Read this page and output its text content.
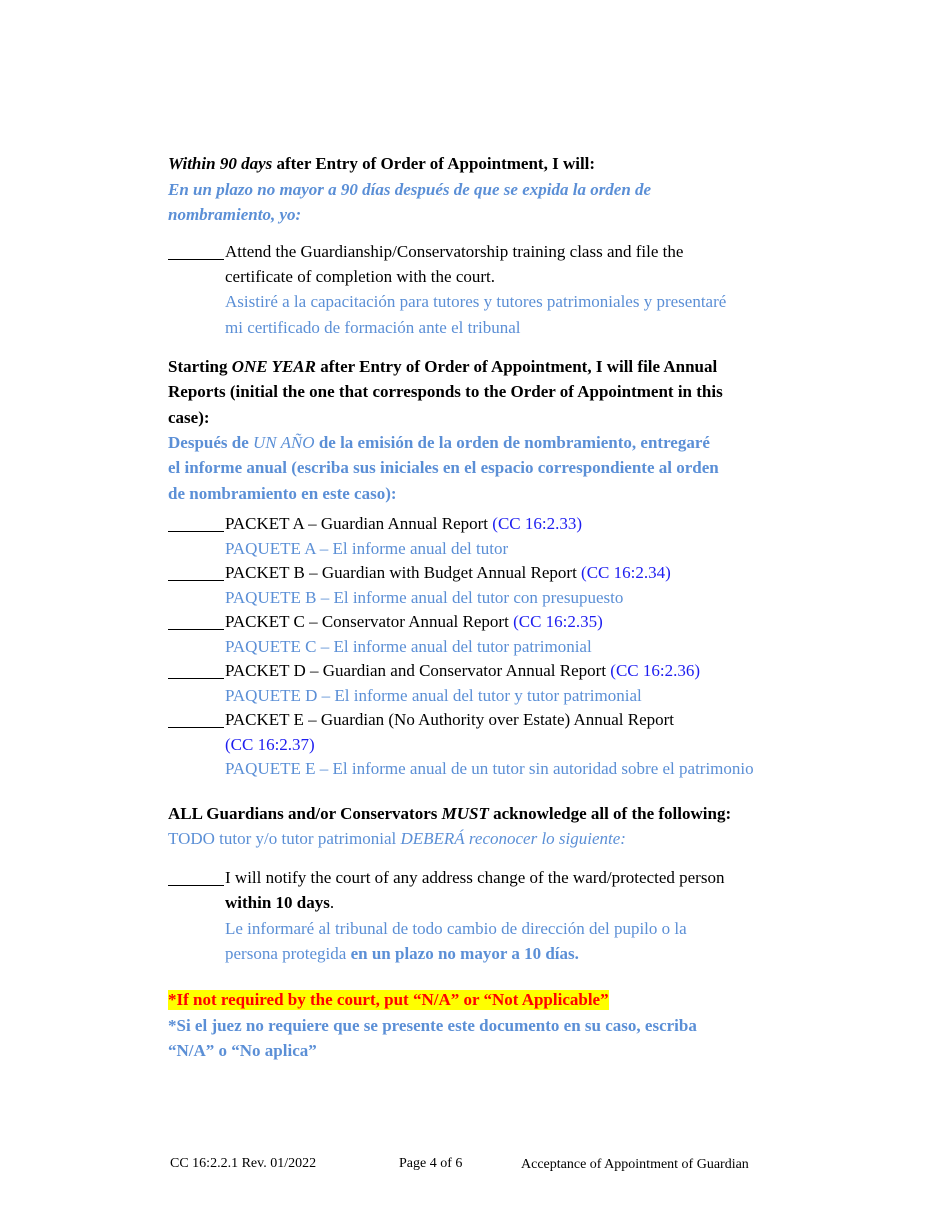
Within 90 days after Entry of Order of Appointment, I will:
En un plazo no mayor a 90 días después de que se expida la orden de
nombramiento, yo:
Attend the Guardianship/Conservatorship training class and file the
certificate of completion with the court.
Asistiré a la capacitación para tutores y tutores patrimoniales y presentaré
mi certificado de formación ante el tribunal
Starting ONE YEAR after Entry of Order of Appointment, I will file Annual
Reports (initial the one that corresponds to the Order of Appointment in this
case):
Después de UN AÑO de la emisión de la orden de nombramiento, entregaré
el informe anual (escriba sus iniciales en el espacio correspondiente al orden
de nombramiento en este caso):
PACKET A – Guardian Annual Report (CC 16:2.33)
PAQUETE A – El informe anual del tutor
PACKET B – Guardian with Budget Annual Report (CC 16:2.34)
PAQUETE B – El informe anual del tutor con presupuesto
PACKET C – Conservator Annual Report (CC 16:2.35)
PAQUETE C – El informe anual del tutor patrimonial
PACKET D – Guardian and Conservator Annual Report (CC 16:2.36)
PAQUETE D – El informe anual del tutor y tutor patrimonial
PACKET E – Guardian (No Authority over Estate) Annual Report
(CC 16:2.37)
PAQUETE E – El informe anual de un tutor sin autoridad sobre el patrimonio
ALL Guardians and/or Conservators MUST acknowledge all of the following:
TODO tutor y/o tutor patrimonial DEBERÁ reconocer lo siguiente:
I will notify the court of any address change of the ward/protected person
within 10 days.
Le informaré al tribunal de todo cambio de dirección del pupilo o la
persona protegida en un plazo no mayor a 10 días.
*If not required by the court, put “N/A” or “Not Applicable”
*Si el juez no requiere que se presente este documento en su caso, escriba
“N/A” o “No aplica”
CC 16:2.2.1 Rev. 01/2022	Page 4 of 6	Acceptance of Appointment of Guardian
